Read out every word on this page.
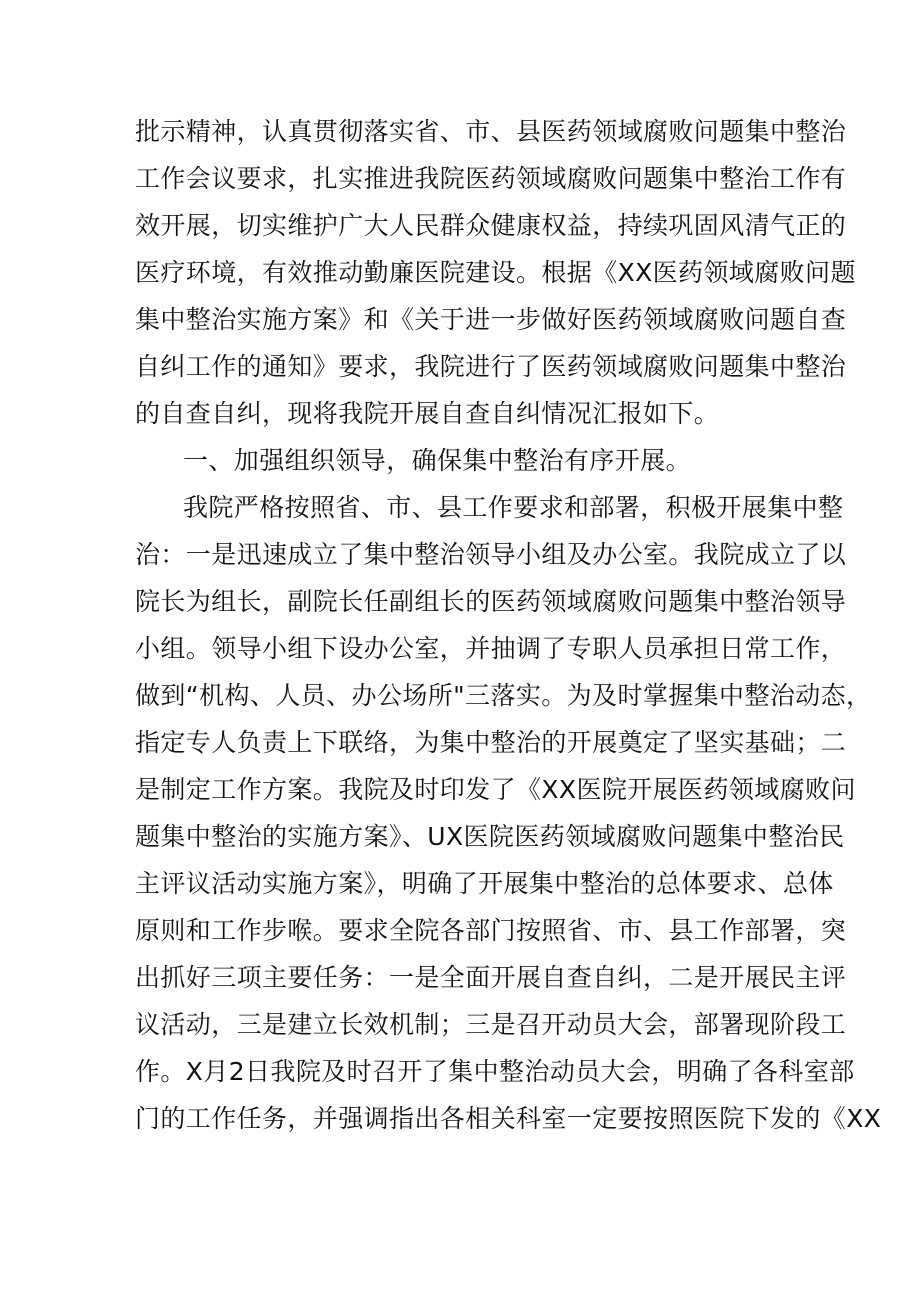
批示精神，认真贯彻落实省、市、县医药领域腐败问题集中整治
工作会议要求，扎实推进我院医药领域腐败问题集中整治工作有
效开展，切实维护广大人民群众健康权益，持续巩固风清气正的
医疗环境，有效推动勤廉医院建设。根据《XX医药领域腐败问题
集中整治实施方案》和《关于进一步做好医药领域腐败问题自查
自纠工作的通知》要求，我院进行了医药领域腐败问题集中整治
的自查自纠，现将我院开展自查自纠情况汇报如下。
一、加强组织领导，确保集中整治有序开展。
我院严格按照省、市、县工作要求和部署，积极开展集中整
治：一是迅速成立了集中整治领导小组及办公室。我院成立了以
院长为组长，副院长任副组长的医药领域腐败问题集中整治领导
小组。领导小组下设办公室，并抽调了专职人员承担日常工作，
做到“机构、人员、办公场所"三落实。为及时掌握集中整治动态，
指定专人负责上下联络，为集中整治的开展奠定了坚实基础；二
是制定工作方案。我院及时印发了《XX医院开展医药领域腐败问
题集中整治的实施方案》、UX医院医药领域腐败问题集中整治民
主评议活动实施方案》，明确了开展集中整治的总体要求、总体
原则和工作步喉。要求全院各部门按照省、市、县工作部署，突
出抓好三项主要任务：一是全面开展自查自纠，二是开展民主评
议活动，三是建立长效机制；三是召开动员大会，部署现阶段工
作。X月2日我院及时召开了集中整治动员大会，明确了各科室部
门的工作任务，并强调指出各相关科室一定要按照医院下发的《XX
